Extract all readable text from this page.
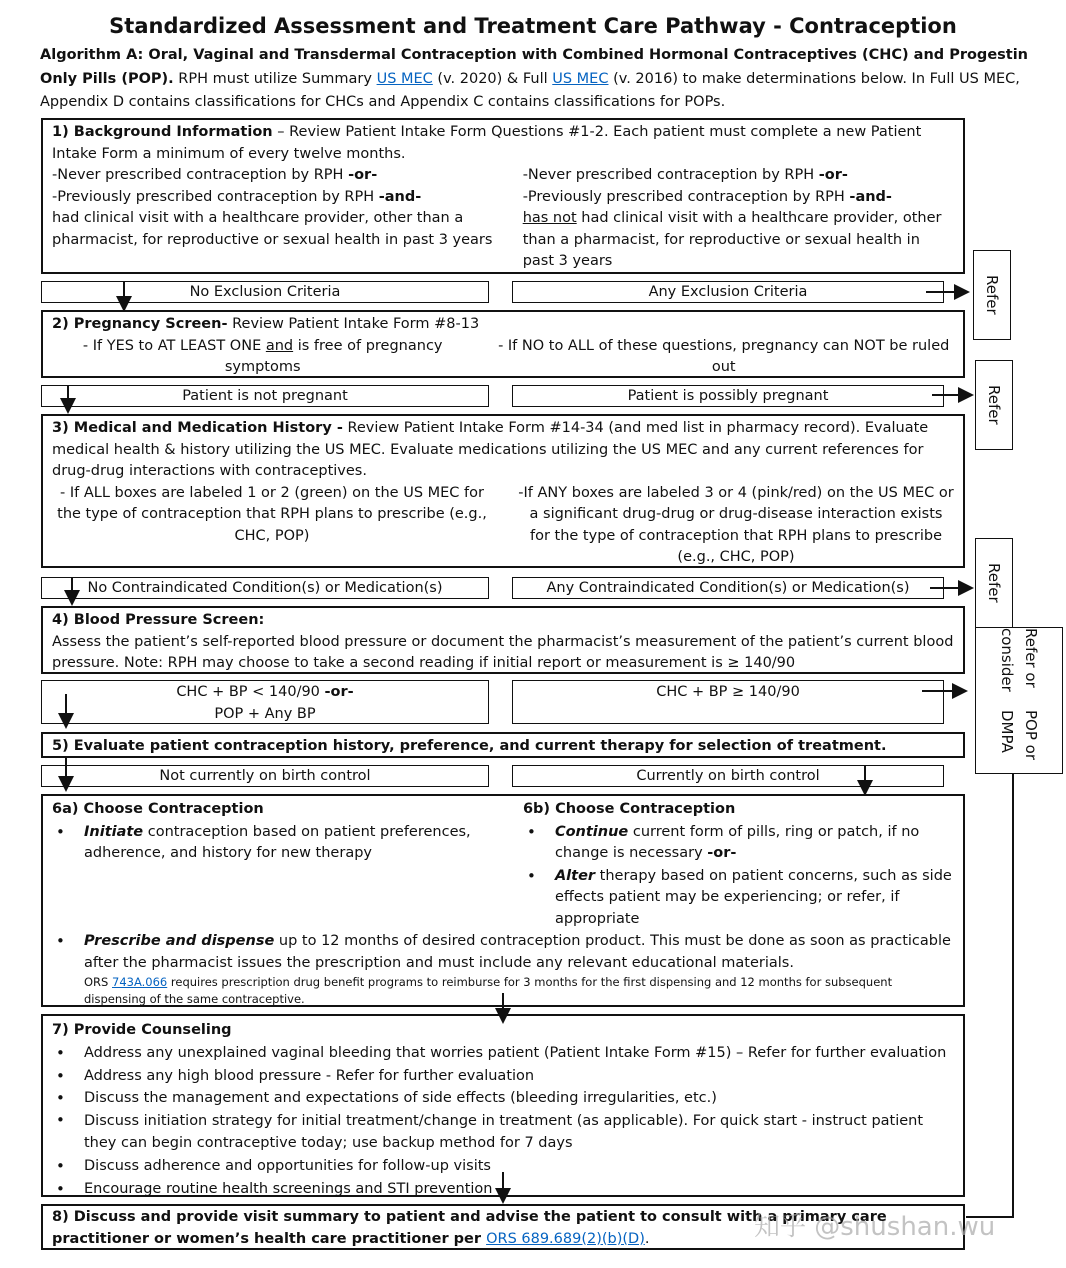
Standardized Assessment and Treatment Care Pathway - Contraception
Algorithm A: Oral, Vaginal and Transdermal Contraception with Combined Hormonal Contraceptives (CHC) and Progestin Only Pills (POP). RPH must utilize Summary US MEC (v. 2020) & Full US MEC (v. 2016) to make determinations below. In Full US MEC, Appendix D contains classifications for CHCs and Appendix C contains classifications for POPs.
1) Background Information – Review Patient Intake Form Questions #1-2. Each patient must complete a new Patient Intake Form a minimum of every twelve months.
-Never prescribed contraception by RPH -or-
-Previously prescribed contraception by RPH -and-
had clinical visit with a healthcare provider, other than a pharmacist, for reproductive or sexual health in past 3 years
-Never prescribed contraception by RPH -or-
-Previously prescribed contraception by RPH -and-
has not had clinical visit with a healthcare provider, other than a pharmacist, for reproductive or sexual health in past 3 years
No Exclusion Criteria	Any Exclusion Criteria
2) Pregnancy Screen- Review Patient Intake Form #8-13
- If YES to AT LEAST ONE and is free of pregnancy symptoms
- If NO to ALL of these questions, pregnancy can NOT be ruled out
Patient is not pregnant	Patient is possibly pregnant
3) Medical and Medication History - Review Patient Intake Form #14-34 (and med list in pharmacy record). Evaluate medical health & history utilizing the US MEC. Evaluate medications utilizing the US MEC and any current references for drug-drug interactions with contraceptives.
- If ALL boxes are labeled 1 or 2 (green) on the US MEC for the type of contraception that RPH plans to prescribe (e.g., CHC, POP)
-If ANY boxes are labeled 3 or 4 (pink/red) on the US MEC or a significant drug-drug or drug-disease interaction exists for the type of contraception that RPH plans to prescribe (e.g., CHC, POP)
No Contraindicated Condition(s) or Medication(s)	Any Contraindicated Condition(s) or Medication(s)
4) Blood Pressure Screen:
Assess the patient’s self-reported blood pressure or document the pharmacist’s measurement of the patient’s current blood pressure. Note: RPH may choose to take a second reading if initial report or measurement is ≥ 140/90
CHC + BP < 140/90 -or-
POP + Any BP
CHC + BP ≥ 140/90
5) Evaluate patient contraception history, preference, and current therapy for selection of treatment.
Not currently on birth control	Currently on birth control
6a) Choose Contraception
• Initiate contraception based on patient preferences, adherence, and history for new therapy
6b) Choose Contraception
• Continue current form of pills, ring or patch, if no change is necessary -or-
• Alter therapy based on patient concerns, such as side effects patient may be experiencing; or refer, if appropriate
• Prescribe and dispense up to 12 months of desired contraception product. This must be done as soon as practicable after the pharmacist issues the prescription and must include any relevant educational materials.
ORS 743A.066 requires prescription drug benefit programs to reimburse for 3 months for the first dispensing and 12 months for subsequent dispensing of the same contraceptive.
7) Provide Counseling
• Address any unexplained vaginal bleeding that worries patient (Patient Intake Form #15) – Refer for further evaluation
• Address any high blood pressure - Refer for further evaluation
• Discuss the management and expectations of side effects (bleeding irregularities, etc.)
• Discuss initiation strategy for initial treatment/change in treatment (as applicable). For quick start - instruct patient they can begin contraceptive today; use backup method for 7 days
• Discuss adherence and opportunities for follow-up visits
• Encourage routine health screenings and STI prevention
8) Discuss and provide visit summary to patient and advise the patient to consult with a primary care practitioner or women’s health care practitioner per ORS 689.689(2)(b)(D).
Refer
Refer
Refer
Refer or consider
POP or DMPA
知乎 @shushan.wu
